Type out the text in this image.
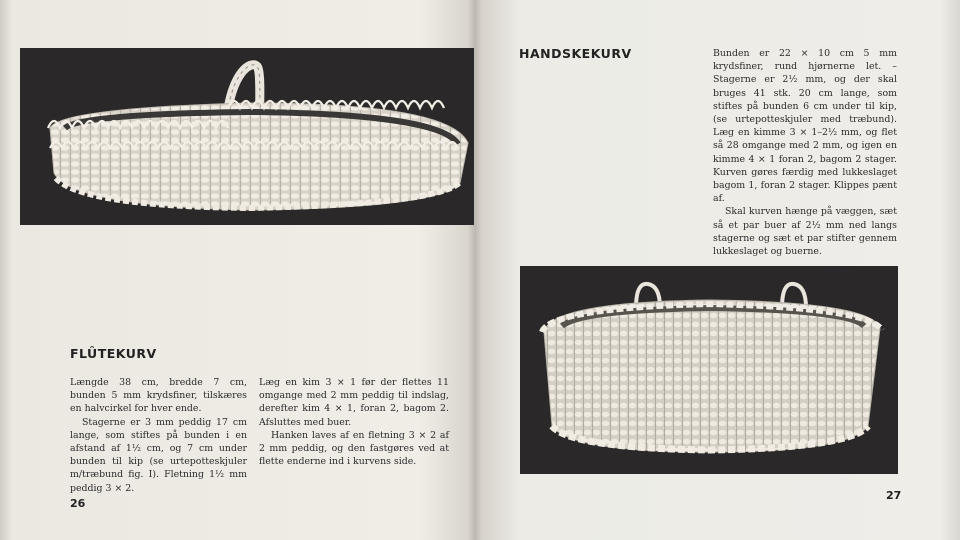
FLÛTEKURV

Længde 38 cm, bredde 7 cm, bunden 5 mm krydsfiner, tilskæres en halvcirkel for hver ende.

Stagerne er 3 mm peddig 17 cm lange, som stiftes på bunden i en afstand af 1½ cm, og 7 cm under bunden til kip (se urtepotteskjuler m/træbund fig. I). Fletning 1½ mm peddig 3 × 2.

Læg en kim 3 × 1 før der flettes 11 omgange med 2 mm peddig til indslag, derefter kim 4 × 1, foran 2, bagom 2. Afsluttes med buer.

Hanken laves af en fletning 3 × 2 af 2 mm peddig, og den fastgøres ved at flette enderne ind i kurvens side.

26
HANDSKEKURV	Bunden er 22 × 10 cm 5 mm krydsfiner, rund hjørnerne let. – Stagerne er 2½ mm, og der skal bruges 41 stk. 20 cm lange, som stiftes på bunden 6 cm under til kip, (se urtepotteskjuler med træbund). Læg en kimme 3 × 1–2½ mm, og flet så 28 omgange med 2 mm, og igen en kimme 4 × 1 foran 2, bagom 2 stager. Kurven gøres færdig med lukkeslaget bagom 1, foran 2 stager. Klippes pænt af.

Skal kurven hænge på væggen, sæt så et par buer af 2½ mm ned langs stagerne og sæt et par stifter gennem lukkeslaget og buerne.

27
